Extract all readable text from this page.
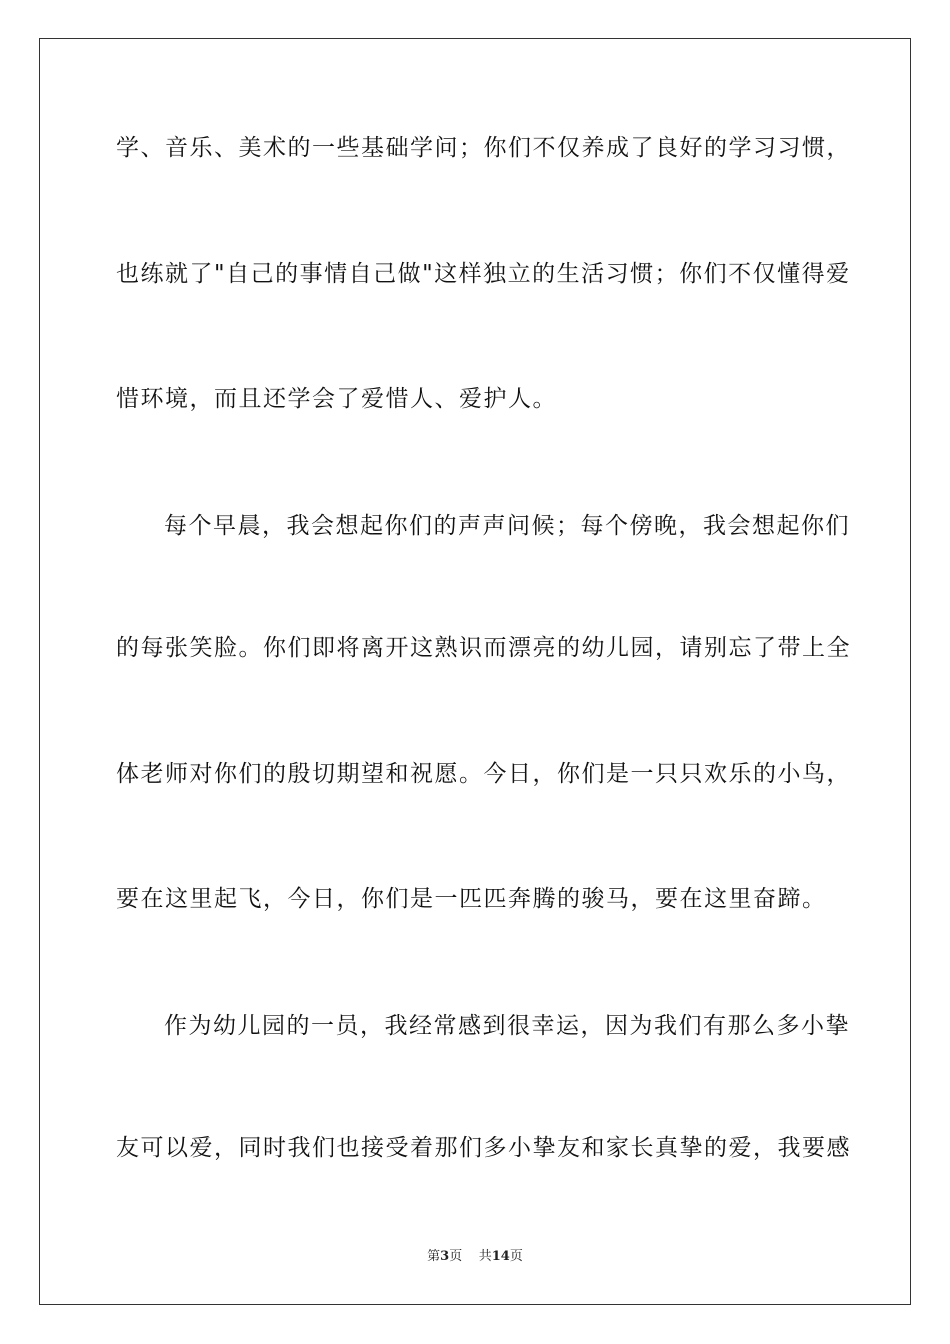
学、音乐、美术的一些基础学问；你们不仅养成了良好的学习习惯，
也练就了"自己的事情自己做"这样独立的生活习惯；你们不仅懂得爱
惜环境，而且还学会了爱惜人、爱护人。
每个早晨，我会想起你们的声声问候；每个傍晚，我会想起你们
的每张笑脸。你们即将离开这熟识而漂亮的幼儿园，请别忘了带上全
体老师对你们的殷切期望和祝愿。今日，你们是一只只欢乐的小鸟，
要在这里起飞，今日，你们是一匹匹奔腾的骏马，要在这里奋蹄。
作为幼儿园的一员，我经常感到很幸运，因为我们有那么多小挚
友可以爱，同时我们也接受着那们多小挚友和家长真挚的爱，我要感
第3页 共14页
